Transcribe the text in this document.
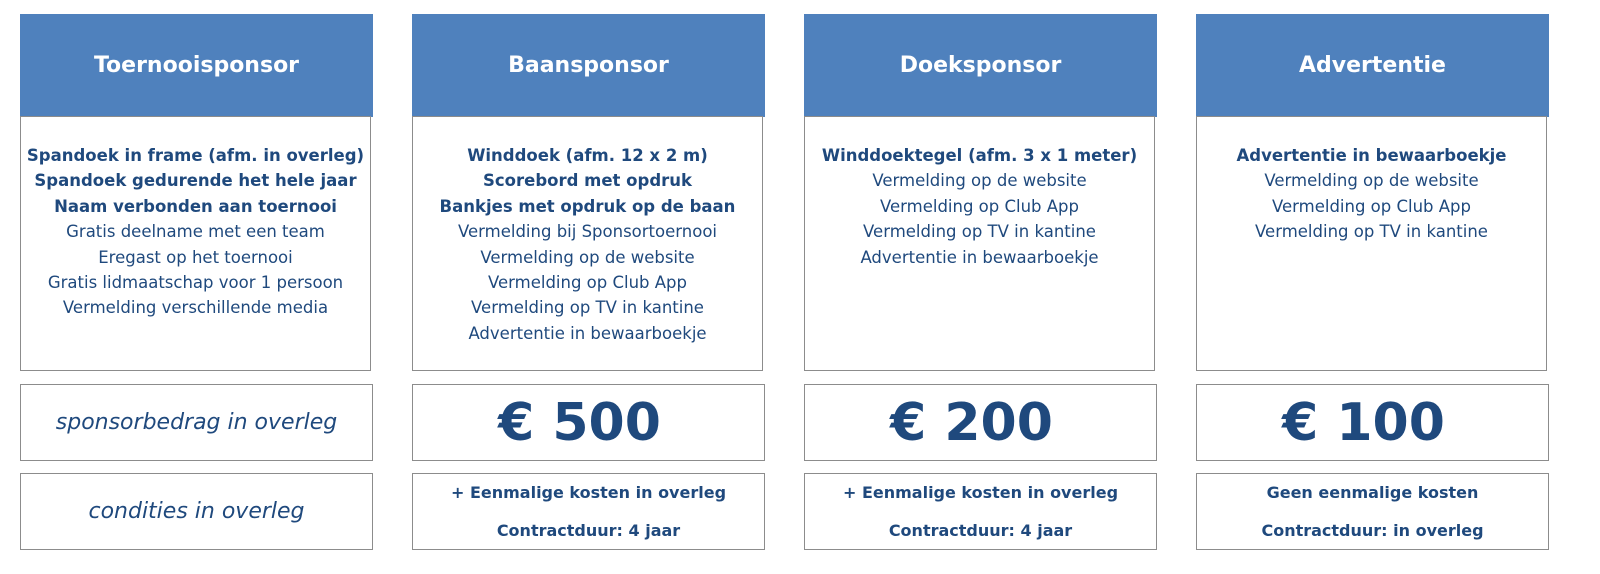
Toernooisponsor
Spandoek in frame (afm. in overleg)
Spandoek gedurende het hele jaar
Naam verbonden aan toernooi
Gratis deelname met een team
Eregast op het toernooi
Gratis lidmaatschap voor 1 persoon
Vermelding verschillende media
sponsorbedrag in overleg
condities in overleg
Baansponsor
Winddoek (afm. 12 x 2 m)
Scorebord met opdruk
Bankjes met opdruk op de baan
Vermelding bij Sponsortoernooi
Vermelding op de website
Vermelding op Club App
Vermelding op TV in kantine
Advertentie in bewaarboekje
€ 500
+ Eenmalige kosten in overleg
Contractduur: 4 jaar
Doeksponsor
Winddoektegel (afm. 3 x 1 meter)
Vermelding op de website
Vermelding op Club App
Vermelding op TV in kantine
Advertentie in bewaarboekje
€ 200
+ Eenmalige kosten in overleg
Contractduur: 4 jaar
Advertentie
Advertentie in bewaarboekje
Vermelding op de website
Vermelding op Club App
Vermelding op TV in kantine
€ 100
Geen eenmalige kosten
Contractduur: in overleg
